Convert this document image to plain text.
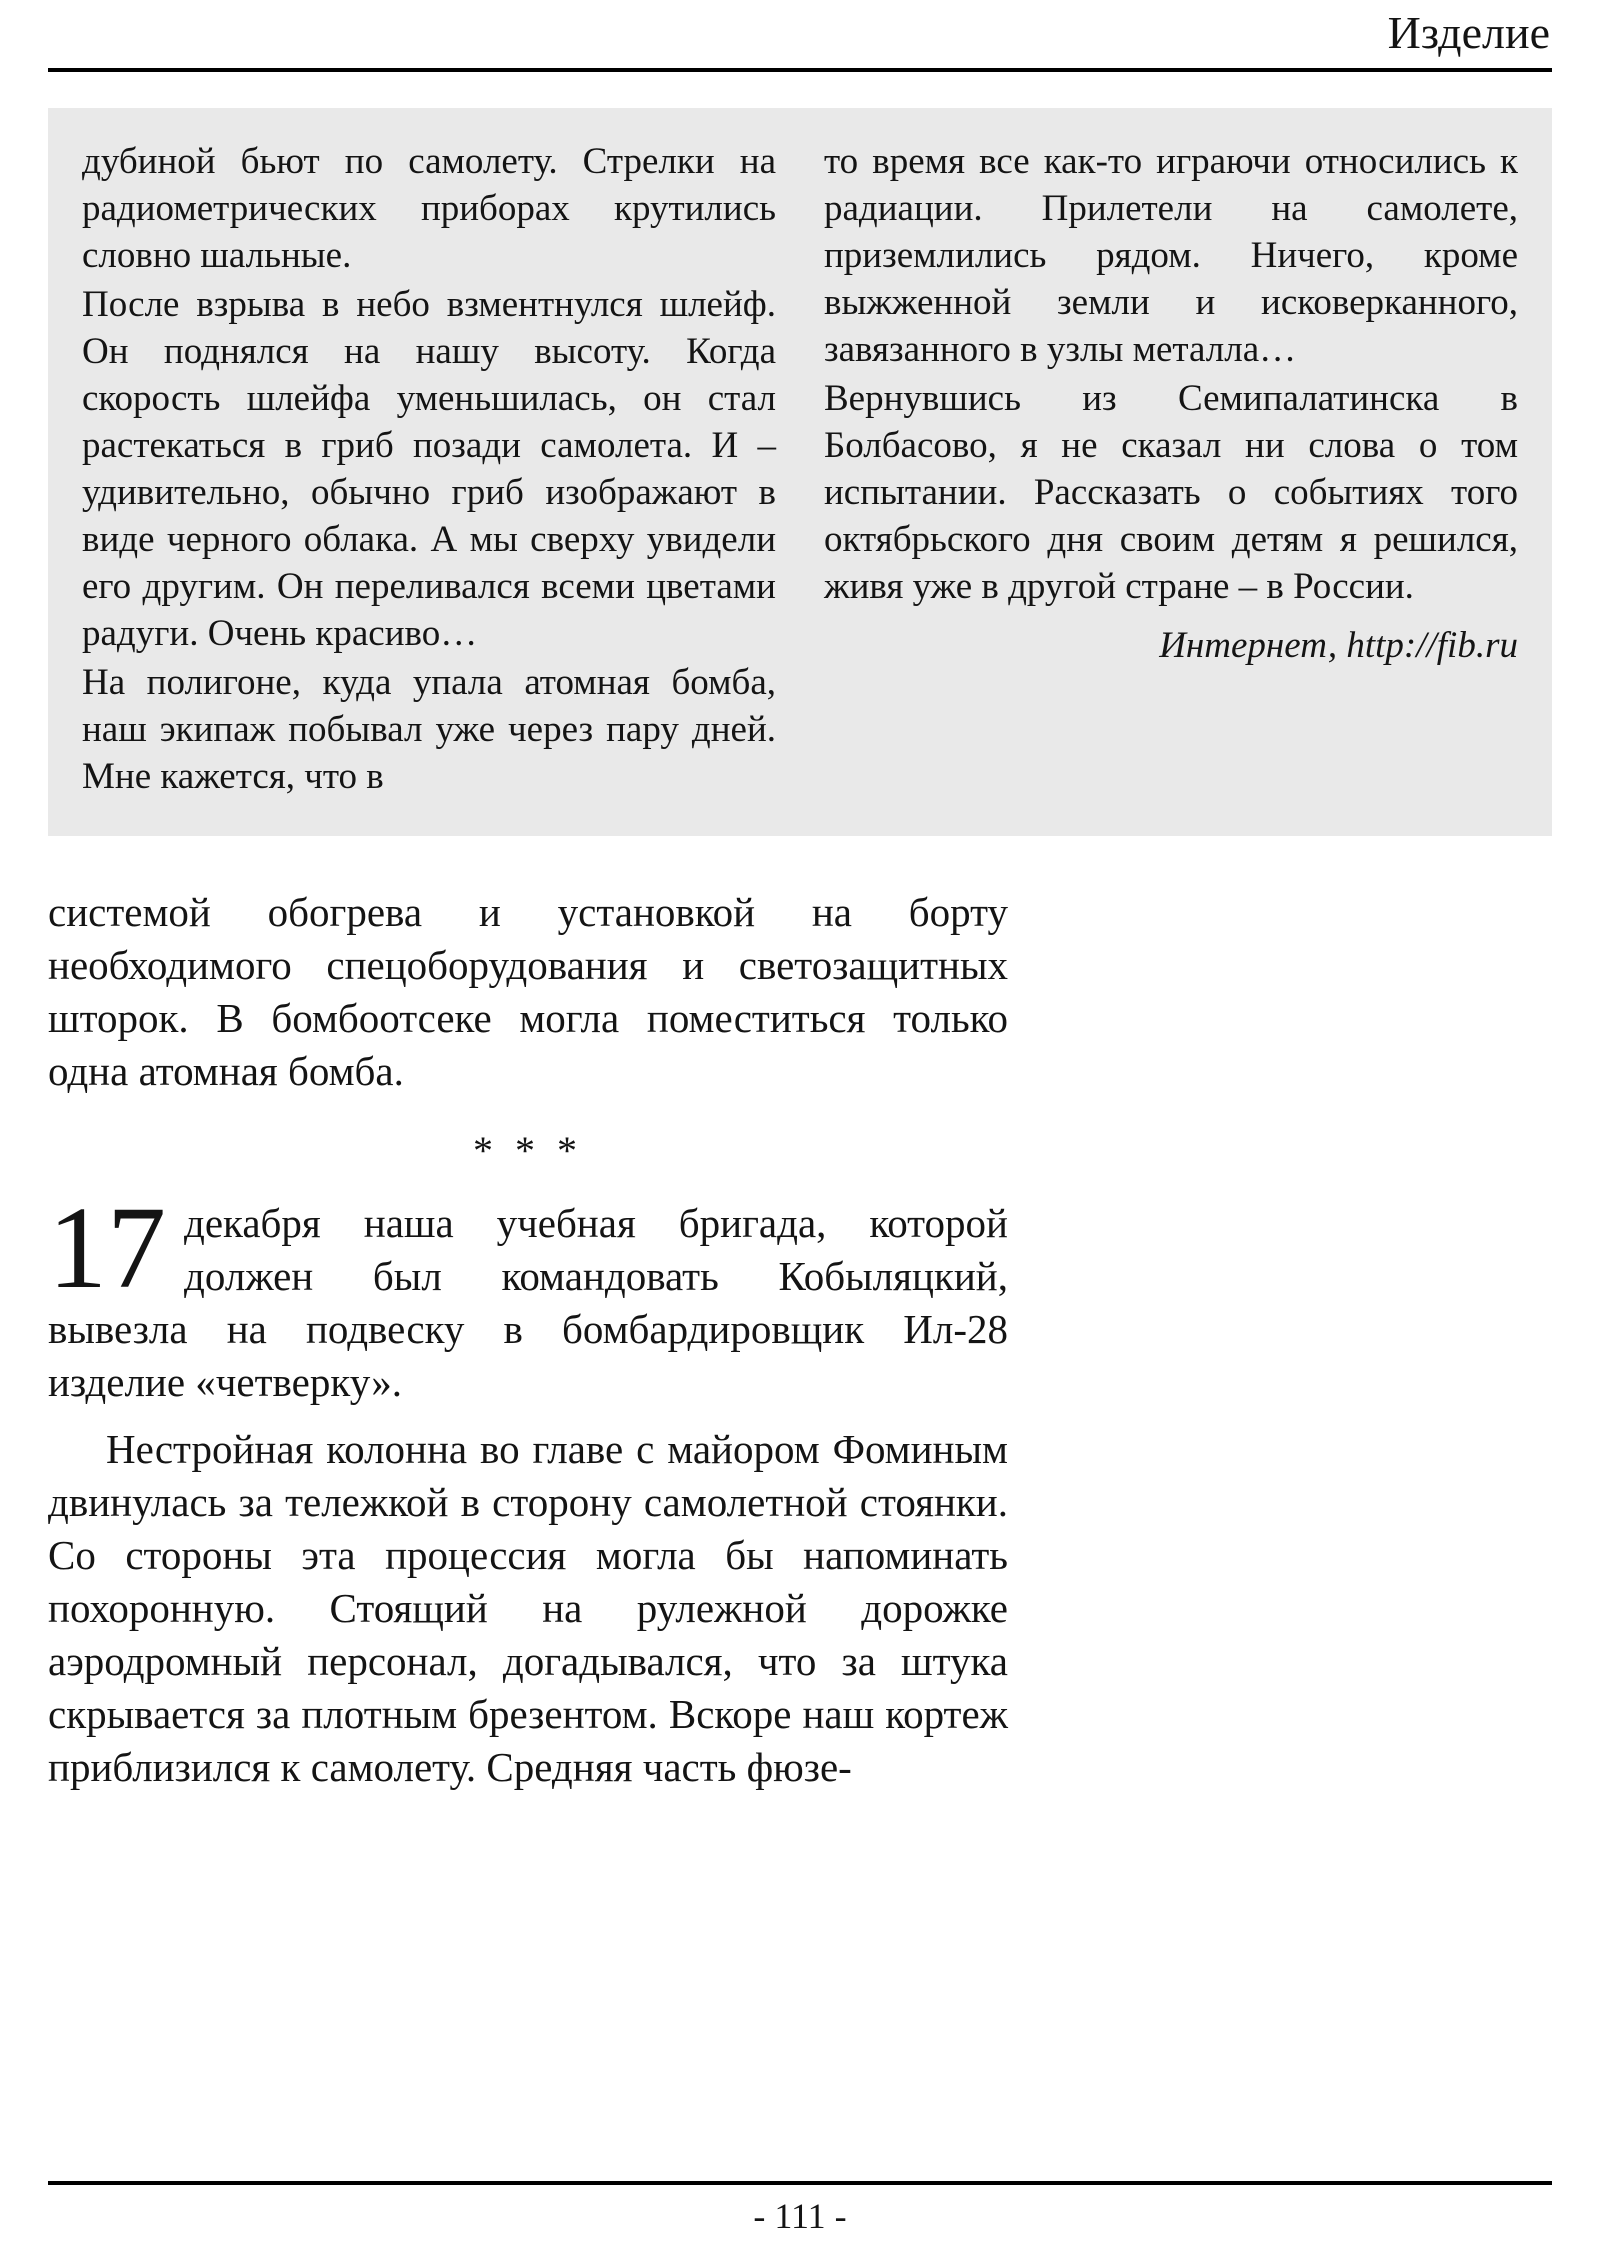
Изделие

дубиной бьют по самолету. Стрелки на радиометрических приборах крутились словно шальные.

После взрыва в небо взментнулся шлейф. Он поднялся на нашу высоту. Когда скорость шлейфа уменьшилась, он стал растекаться в гриб позади самолета. И – удивительно, обычно гриб изображают в виде черного облака. А мы сверху увидели его другим. Он переливался всеми цветами радуги. Очень красиво…

На полигоне, куда упала атомная бомба, наш экипаж побывал уже через пару дней. Мне кажется, что в

то время все как-то играючи относились к радиации. Прилетели на самолете, приземлились рядом. Ничего, кроме выжженной земли и исковерканного, завязанного в узлы металла…

Вернувшись из Семипалатинска в Болбасово, я не сказал ни слова о том испытании. Рассказать о событиях того октябрьского дня своим детям я решился, живя уже в другой стране – в России.

Интернет, http://fib.ru

системой обогрева и установкой на борту необходимого спецоборудования и светозащитных шторок. В бомбоотсеке могла поместиться только одна атомная бомба.

* * *

17 декабря наша учебная бригада, которой должен был командовать Кобыляцкий, вывезла на подвеску в бомбардировщик Ил-28 изделие «четверку».

Нестройная колонна во главе с майором Фоминым двинулась за тележкой в сторону самолетной стоянки. Со стороны эта процессия могла бы напоминать похоронную. Стоящий на рулежной дорожке аэродромный персонал, догадывался, что за штука скрывается за плотным брезентом. Вскоре наш кортеж приблизился к самолету. Средняя часть фюзе-

- 111 -
